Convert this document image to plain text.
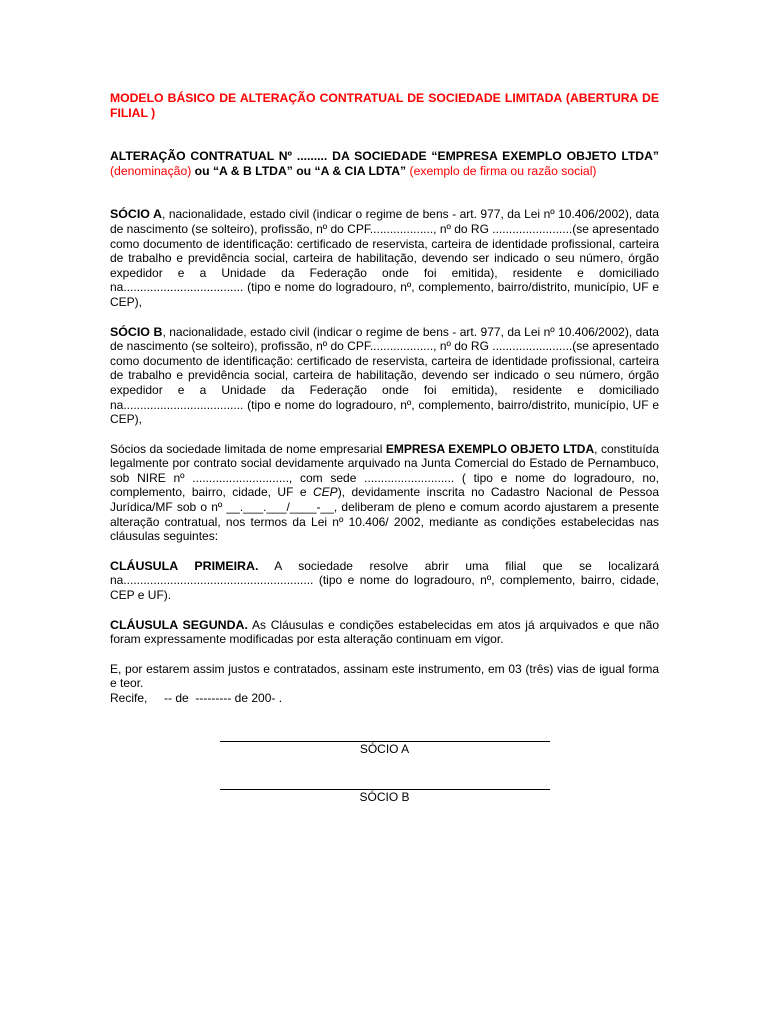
MODELO BÁSICO DE ALTERAÇÃO CONTRATUAL DE SOCIEDADE LIMITADA (ABERTURA DE FILIAL )

ALTERAÇÃO CONTRATUAL Nº ......... DA SOCIEDADE “EMPRESA EXEMPLO OBJETO LTDA” (denominação) ou “A & B LTDA” ou “A & CIA LDTA” (exemplo de firma ou razão social)

SÓCIO A, nacionalidade, estado civil (indicar o regime de bens - art. 977, da Lei nº 10.406/2002), data de nascimento (se solteiro), profissão, nº do CPF..................., nº do RG ........................(se apresentado como documento de identificação: certificado de reservista, carteira de identidade profissional, carteira de trabalho e previdência social, carteira de habilitação, devendo ser indicado o seu número, órgão expedidor e a Unidade da Federação onde foi emitida), residente e domiciliado na.................................... (tipo e nome do logradouro, nº, complemento, bairro/distrito, município, UF e CEP),

SÓCIO B, nacionalidade, estado civil (indicar o regime de bens - art. 977, da Lei nº 10.406/2002), data de nascimento (se solteiro), profissão, nº do CPF..................., nº do RG ........................(se apresentado como documento de identificação: certificado de reservista, carteira de identidade profissional, carteira de trabalho e previdência social, carteira de habilitação, devendo ser indicado o seu número, órgão expedidor e a Unidade da Federação onde foi emitida), residente e domiciliado na.................................... (tipo e nome do logradouro, nº, complemento, bairro/distrito, município, UF e CEP),

Sócios da sociedade limitada de nome empresarial EMPRESA EXEMPLO OBJETO LTDA, constituída legalmente por contrato social devidamente arquivado na Junta Comercial do Estado de Pernambuco, sob NIRE nº ............................., com sede ........................... ( tipo e nome do logradouro, no, complemento, bairro, cidade, UF e CEP), devidamente inscrita no Cadastro Nacional de Pessoa Jurídica/MF sob o nº __.___.___/____-__, deliberam de pleno e comum acordo ajustarem a presente alteração contratual, nos termos da Lei nº 10.406/ 2002, mediante as condições estabelecidas nas cláusulas seguintes:

CLÁUSULA PRIMEIRA. A sociedade resolve abrir uma filial que se localizará na......................................................... (tipo e nome do logradouro, nº, complemento, bairro, cidade, CEP e UF).

CLÁUSULA SEGUNDA. As Cláusulas e condições estabelecidas em atos já arquivados e que não foram expressamente modificadas por esta alteração continuam em vigor.

E, por estarem assim justos e contratados, assinam este instrumento, em 03 (três) vias de igual forma e teor.

Recife,     -- de  --------- de 200- .

SÓCIO A

SÓCIO B
